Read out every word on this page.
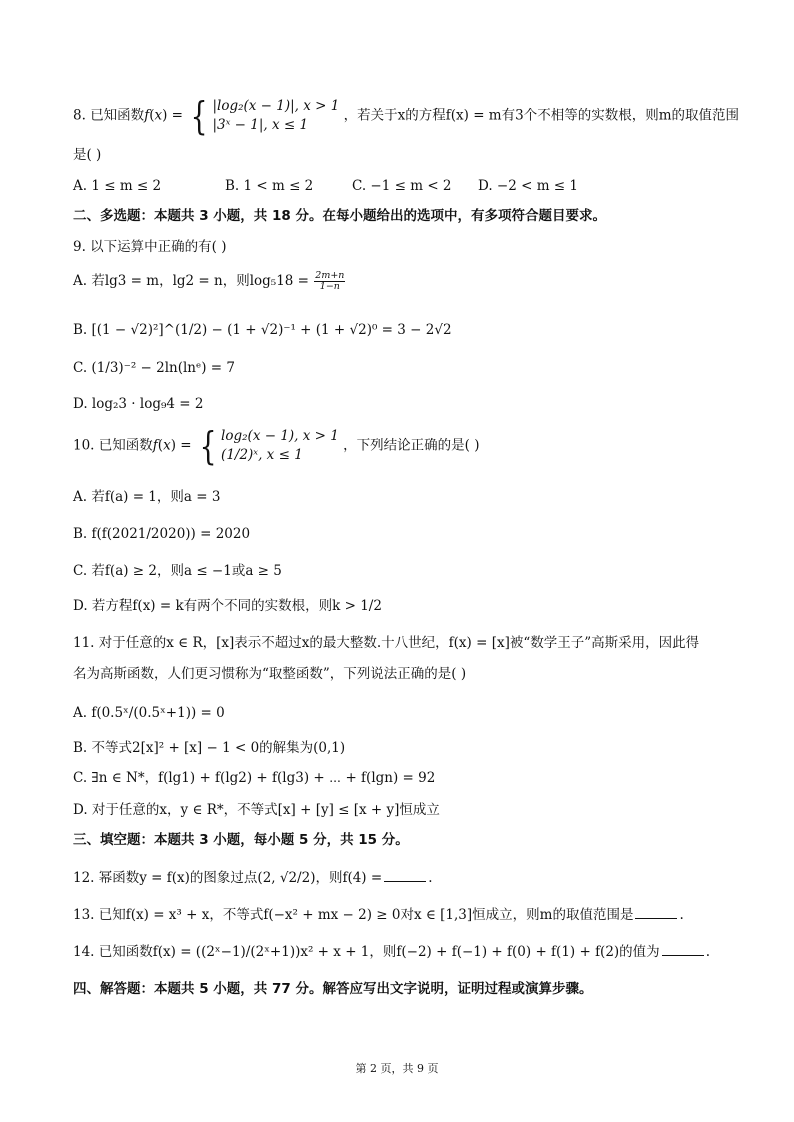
8. 已知函数f(x) = { |log₂(x − 1)|, x > 1
|3ˣ − 1|, x ≤ 1
，若关于x的方程f(x) = m有3个不相等的实数根，则m的取值范围
是( )
A. 1 ≤ m ≤ 2	B. 1 < m ≤ 2	C. −1 ≤ m < 2 D. −2 < m ≤ 1
二、多选题：本题共 3 小题，共 18 分。在每小题给出的选项中，有多项符合题目要求。
9. 以下运算中正确的有( )
A. 若lg3 = m，lg2 = n，则$\log_518 = \frac{2m+n}{1-n}$
B. [(1 − √2)²]^(1/2) − (1 + √2)⁻¹ + (1 + √2)⁰ = 3 − 2√2
C. (1/3)⁻² − 2ln(lnᵉ) = 7
D. log₂3 · log₉4 = 2
10. 已知函数f(x) = { log₂(x − 1), x > 1
(1/2)ˣ, x ≤ 1
，下列结论正确的是( )
A. 若f(a) = 1，则a = 3
B. f(f(2021/2020)) = 2020
C. 若f(a) ≥ 2，则a ≤ −1或a ≥ 5
D. 若方程f(x) = k有两个不同的实数根，则k > 1/2
11. 对于任意的x ∈ R，[x]表示不超过x的最大整数.十八世纪，f(x) = [x]被“数学王子”高斯采用，因此得
名为高斯函数，人们更习惯称为“取整函数”，下列说法正确的是( )
A. f(0.5ˣ/(0.5ˣ+1)) = 0
B. 不等式2[x]² + [x] − 1 < 0的解集为(0,1)
C. ∃n ∈ N*，f(lg1) + f(lg2) + f(lg3) + ⋯ + f(lgn) = 92
D. 对于任意的x，y ∈ R*，不等式[x] + [y] ≤ [x + y]恒成立
三、填空题：本题共 3 小题，每小题 5 分，共 15 分。
12. 幂函数y = f(x)的图象过点(2, √2/2)，则f(4) =	.
13. 已知f(x) = x³ + x，不等式f(−x² + mx − 2) ≥ 0对x ∈ [1,3]恒成立，则m的取值范围是	.
14. 已知函数f(x) = ((2ˣ−1)/(2ˣ+1))x² + x + 1，则f(−2) + f(−1) + f(0) + f(1) + f(2)的值为	.
四、解答题：本题共 5 小题，共 77 分。解答应写出文字说明，证明过程或演算步骤。
第 2 页，共 9 页
